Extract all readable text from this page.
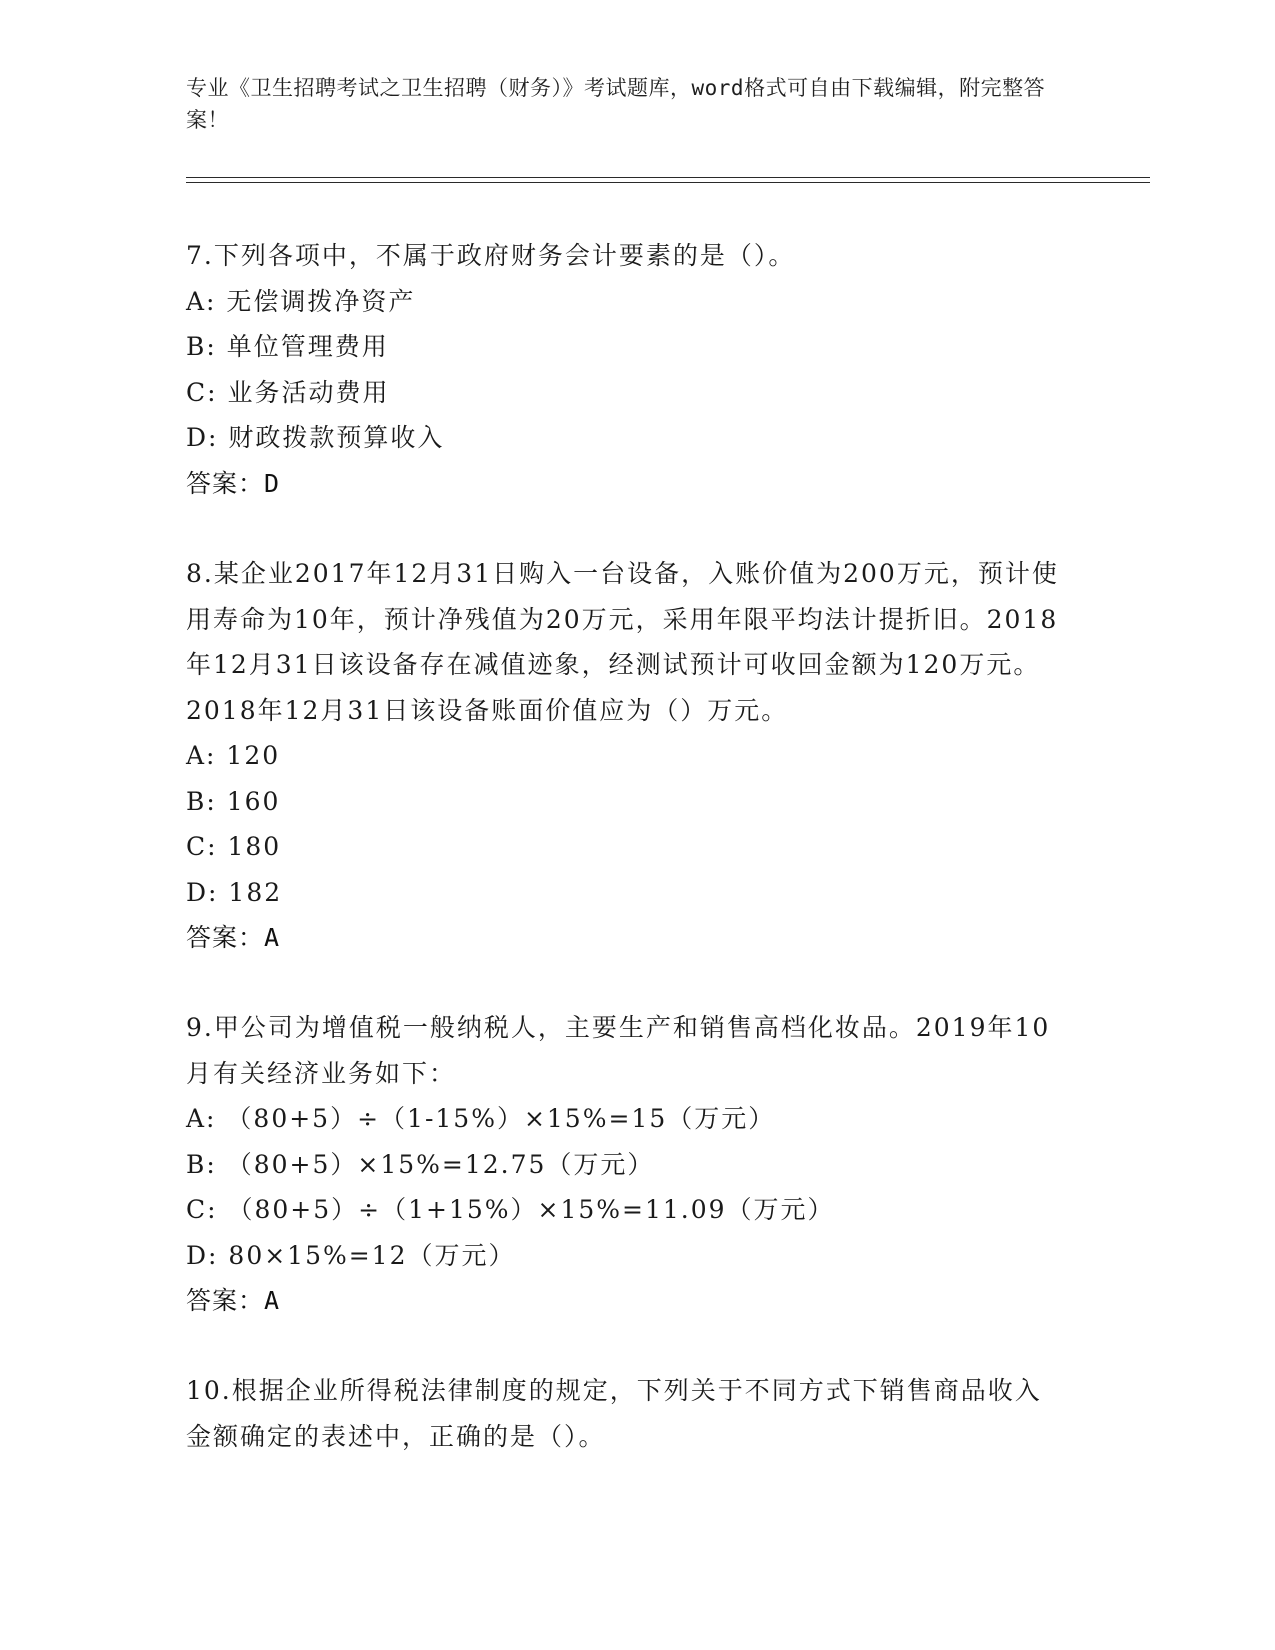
专业《卫生招聘考试之卫生招聘（财务）》考试题库，word格式可自由下载编辑，附完整答案！

7.下列各项中，不属于政府财务会计要素的是（）。

A: 无偿调拨净资产

B: 单位管理费用

C: 业务活动费用

D: 财政拨款预算收入

答案：D

8.某企业2017年12月31日购入一台设备，入账价值为200万元，预计使用寿命为10年，预计净残值为20万元，采用年限平均法计提折旧。2018年12月31日该设备存在减值迹象，经测试预计可收回金额为120万元。2018年12月31日该设备账面价值应为（）万元。

A: 120

B: 160

C: 180

D: 182

答案：A

9.甲公司为增值税一般纳税人，主要生产和销售高档化妆品。2019年10月有关经济业务如下：

A: （80+5）÷（1-15%）×15%=15（万元）

B: （80+5）×15%=12.75（万元）

C: （80+5）÷（1+15%）×15%=11.09（万元）

D: 80×15%=12（万元）

答案：A

10.根据企业所得税法律制度的规定，下列关于不同方式下销售商品收入金额确定的表述中，正确的是（）。
